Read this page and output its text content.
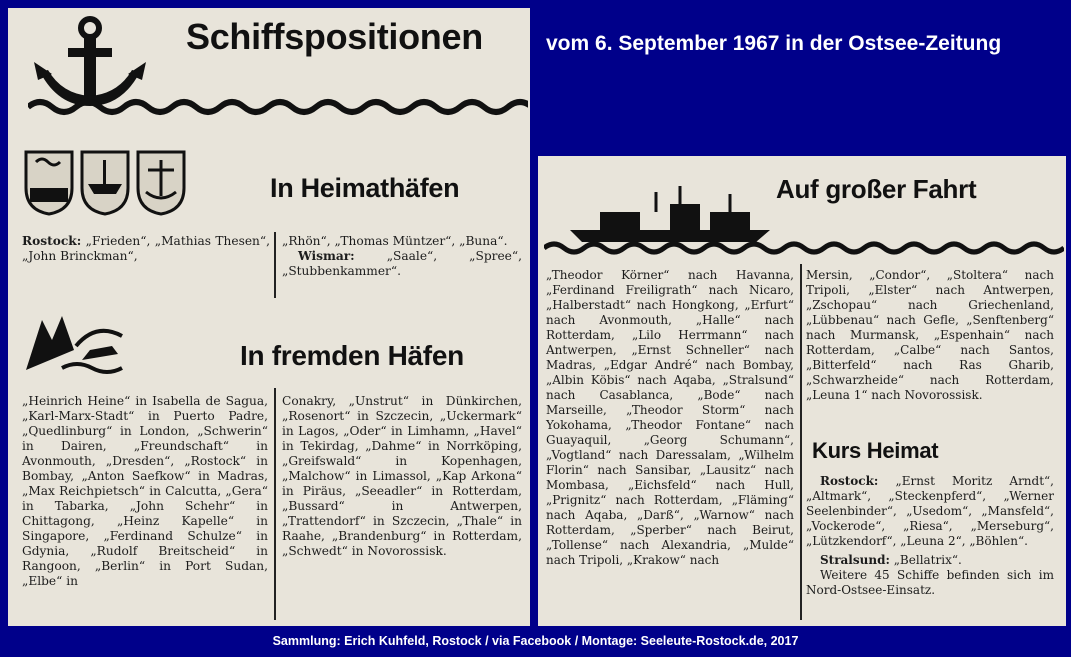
Schiffspositionen
In Heimathäfen

Rostock: „Frieden“, „Mathias Thesen“, „John Brinckman“,

„Rhön“, „Thomas Müntzer“, „Buna“.

Wismar:	„Saale“, „Spree“, „Stubbenkammer“.

In fremden Häfen
„Heinrich Heine“ in Isabella de Sagua, „Karl-Marx-Stadt“ in Puerto Padre, „Quedlinburg“ in London, „Schwerin“ in Dairen, „Freundschaft“ in Avonmouth, „Dresden“, „Rostock“ in Bombay, „Anton Saefkow“ in Madras, „Max Reichpietsch“ in Calcutta, „Gera“ in Tabarka, „John Schehr“ in Chittagong, „Heinz Kapelle“ in Singapore, „Ferdinand Schulze“ in Gdynia, „Rudolf Breitscheid“ in Rangoon, „Berlin“ in Port Sudan, „Elbe“ in
Conakry, „Unstrut“ in Dünkirchen, „Rosenort“ in Szczecin, „Uckermark“ in Lagos, „Oder“ in Limhamn, „Havel“ in Tekirdag, „Dahme“ in Norrköping, „Greifswald“ in Kopenhagen, „Malchow“ in Limassol, „Kap Arkona“ in Piräus, „Seeadler“ in Rotterdam, „Bussard“ in Antwerpen, „Trattendorf“ in Szczecin, „Thale“ in Raahe, „Brandenburg“ in Rotterdam, „Schwedt“ in Novorossisk.
vom 6. September 1967 in der Ostsee-Zeitung
Auf großer Fahrt
„Theodor Körner“ nach Havanna, „Ferdinand Freiligrath“ nach Nicaro, „Halberstadt“ nach Hongkong, „Erfurt“ nach Avonmouth, „Halle“ nach Rotterdam, „Lilo Herrmann“ nach Antwerpen, „Ernst Schneller“ nach Madras, „Edgar André“ nach Bombay, „Albin Köbis“ nach Aqaba, „Stralsund“ nach Casablanca, „Bode“ nach Marseille, „Theodor Storm“ nach Yokohama, „Theodor Fontane“ nach Guayaquil, „Georg Schumann“, „Vogtland“ nach Daressalam, „Wilhelm Florin“ nach Sansibar, „Lausitz“ nach Mombasa, „Eichsfeld“ nach Hull, „Prignitz“ nach Rotterdam, „Fläming“ nach Aqaba, „Darß“, „Warnow“ nach Rotterdam, „Sperber“ nach Beirut, „Tollense“ nach Alexandria, „Mulde“ nach Tripoli, „Krakow“ nach
Mersin, „Condor“, „Stoltera“ nach Tripoli, „Elster“ nach Antwerpen, „Zschopau“ nach Griechenland, „Lübbenau“ nach Gefle, „Senftenberg“ nach Murmansk, „Espenhain“ nach Rotterdam, „Calbe“ nach Santos, „Bitterfeld“ nach Ras Gharib, „Schwarzheide“ nach Rotterdam, „Leuna 1“ nach Novorossisk.
Kurs Heimat

Rostock: „Ernst Moritz Arndt“, „Altmark“, „Steckenpferd“, „Werner Seelenbinder“, „Usedom“, „Mansfeld“, „Vockerode“, „Riesa“, „Merseburg“, „Lützkendorf“, „Leuna 2“, „Böhlen“.

Stralsund: „Bellatrix“.

Weitere 45 Schiffe befinden sich im Nord-Ostsee-Einsatz.

Sammlung: Erich Kuhfeld, Rostock / via Facebook / Montage: Seeleute-Rostock.de, 2017
